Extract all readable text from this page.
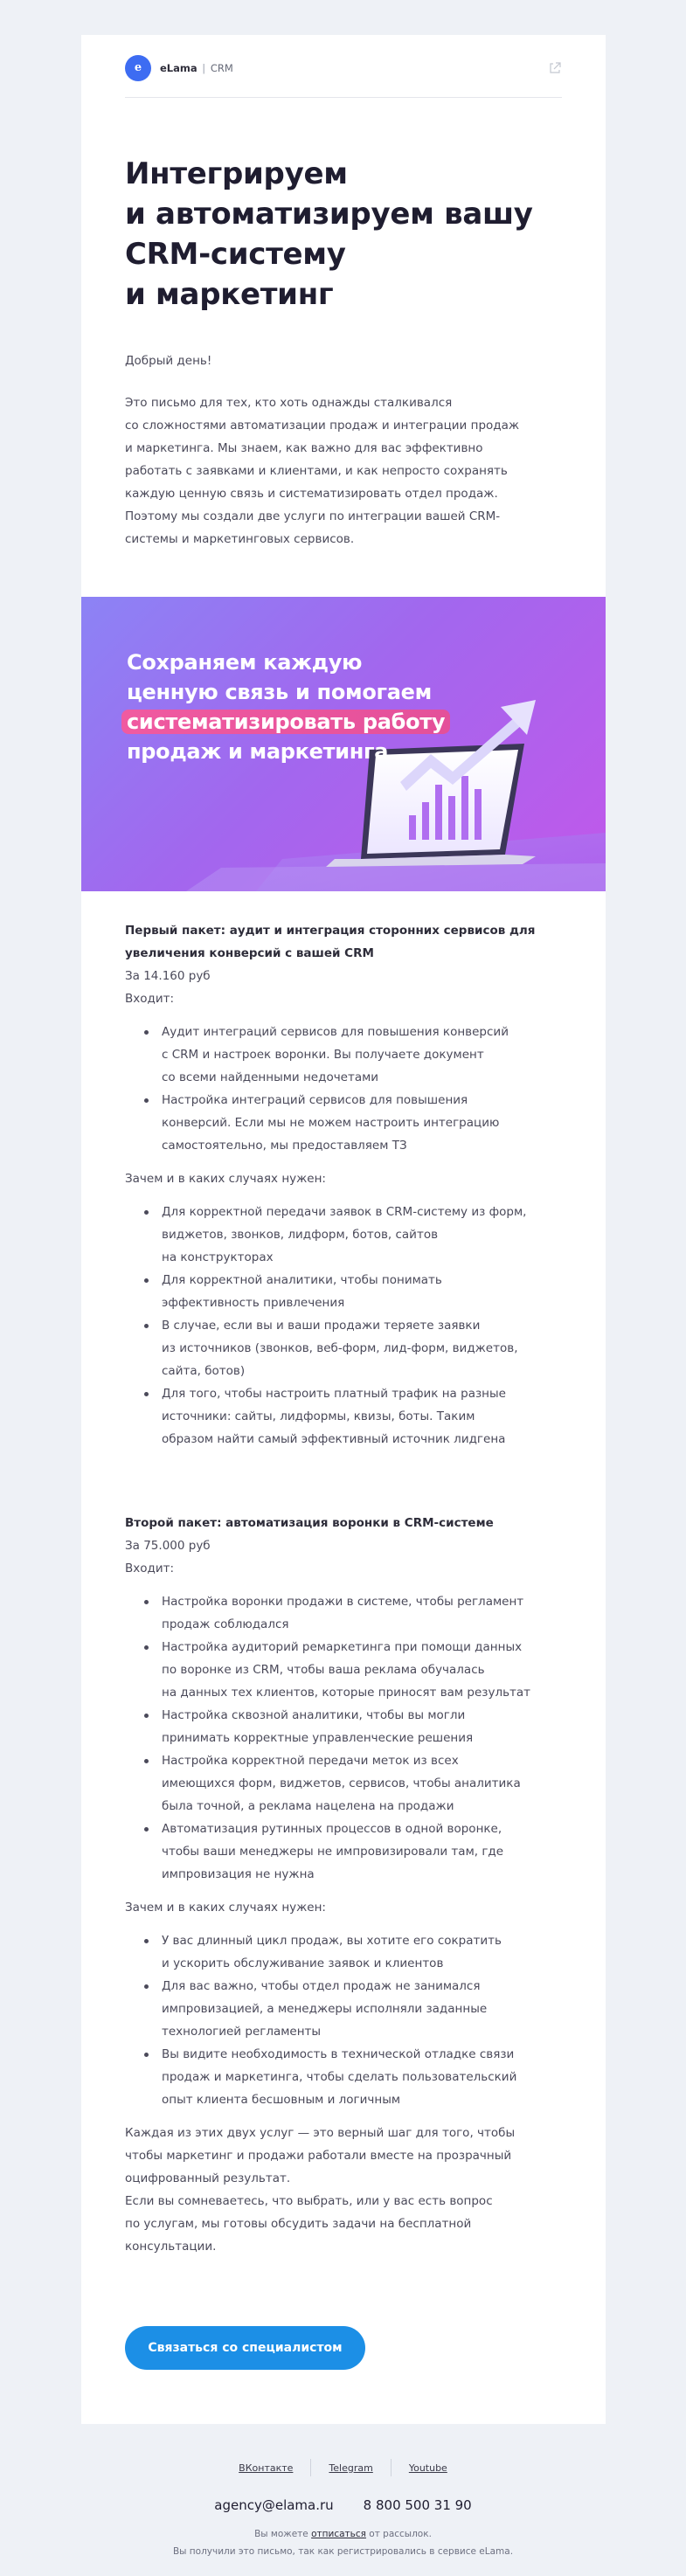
e eLama | CRM
Интегрируем
и автоматизируем вашу
CRM-систему
и маркетинг
Добрый день!
Это письмо для тех, кто хоть однажды сталкивался
со сложностями автоматизации продаж и интеграции продаж
и маркетинга. Мы знаем, как важно для вас эффективно
работать с заявками и клиентами, и как непросто сохранять
каждую ценную связь и систематизировать отдел продаж.
Поэтому мы создали две услуги по интеграции вашей CRM-
системы и маркетинговых сервисов.
Сохраняем каждую
ценную связь и помогаем
систематизировать работу
продаж и маркетинга
Первый пакет: аудит и интеграция сторонних сервисов для
увеличения конверсий с вашей CRM
За 14.160 руб
Входит:
Аудит интеграций сервисов для повышения конверсий
с CRM и настроек воронки. Вы получаете документ
со всеми найденными недочетами
Настройка интеграций сервисов для повышения
конверсий. Если мы не можем настроить интеграцию
самостоятельно, мы предоставляем ТЗ
Зачем и в каких случаях нужен:
Для корректной передачи заявок в CRM-систему из форм,
виджетов, звонков, лидформ, ботов, сайтов
на конструкторах
Для корректной аналитики, чтобы понимать
эффективность привлечения
В случае, если вы и ваши продажи теряете заявки
из источников (звонков, веб-форм, лид-форм, виджетов,
сайта, ботов)
Для того, чтобы настроить платный трафик на разные
источники: сайты, лидформы, квизы, боты. Таким
образом найти самый эффективный источник лидгена
Второй пакет: автоматизация воронки в CRM-системе
За 75.000 руб
Входит:
Настройка воронки продажи в системе, чтобы регламент
продаж соблюдался
Настройка аудиторий ремаркетинга при помощи данных
по воронке из CRM, чтобы ваша реклама обучалась
на данных тех клиентов, которые приносят вам результат
Настройка сквозной аналитики, чтобы вы могли
принимать корректные управленческие решения
Настройка корректной передачи меток из всех
имеющихся форм, виджетов, сервисов, чтобы аналитика
была точной, а реклама нацелена на продажи
Автоматизация рутинных процессов в одной воронке,
чтобы ваши менеджеры не импровизировали там, где
импровизация не нужна
Зачем и в каких случаях нужен:
У вас длинный цикл продаж, вы хотите его сократить
и ускорить обслуживание заявок и клиентов
Для вас важно, чтобы отдел продаж не занимался
импровизацией, а менеджеры исполняли заданные
технологией регламенты
Вы видите необходимость в технической отладке связи
продаж и маркетинга, чтобы сделать пользовательский
опыт клиента бесшовным и логичным
Каждая из этих двух услуг — это верный шаг для того, чтобы
чтобы маркетинг и продажи работали вместе на прозрачный
оцифрованный результат.
Если вы сомневаетесь, что выбрать, или у вас есть вопрос
по услугам, мы готовы обсудить задачи на бесплатной
консультации.
Связаться со специалистом
ВКонтакте	Telegram	Youtube
agency@elama.ru 8 800 500 31 90
Вы можете отписаться от рассылок.
Вы получили это письмо, так как регистрировались в сервисе eLama.
